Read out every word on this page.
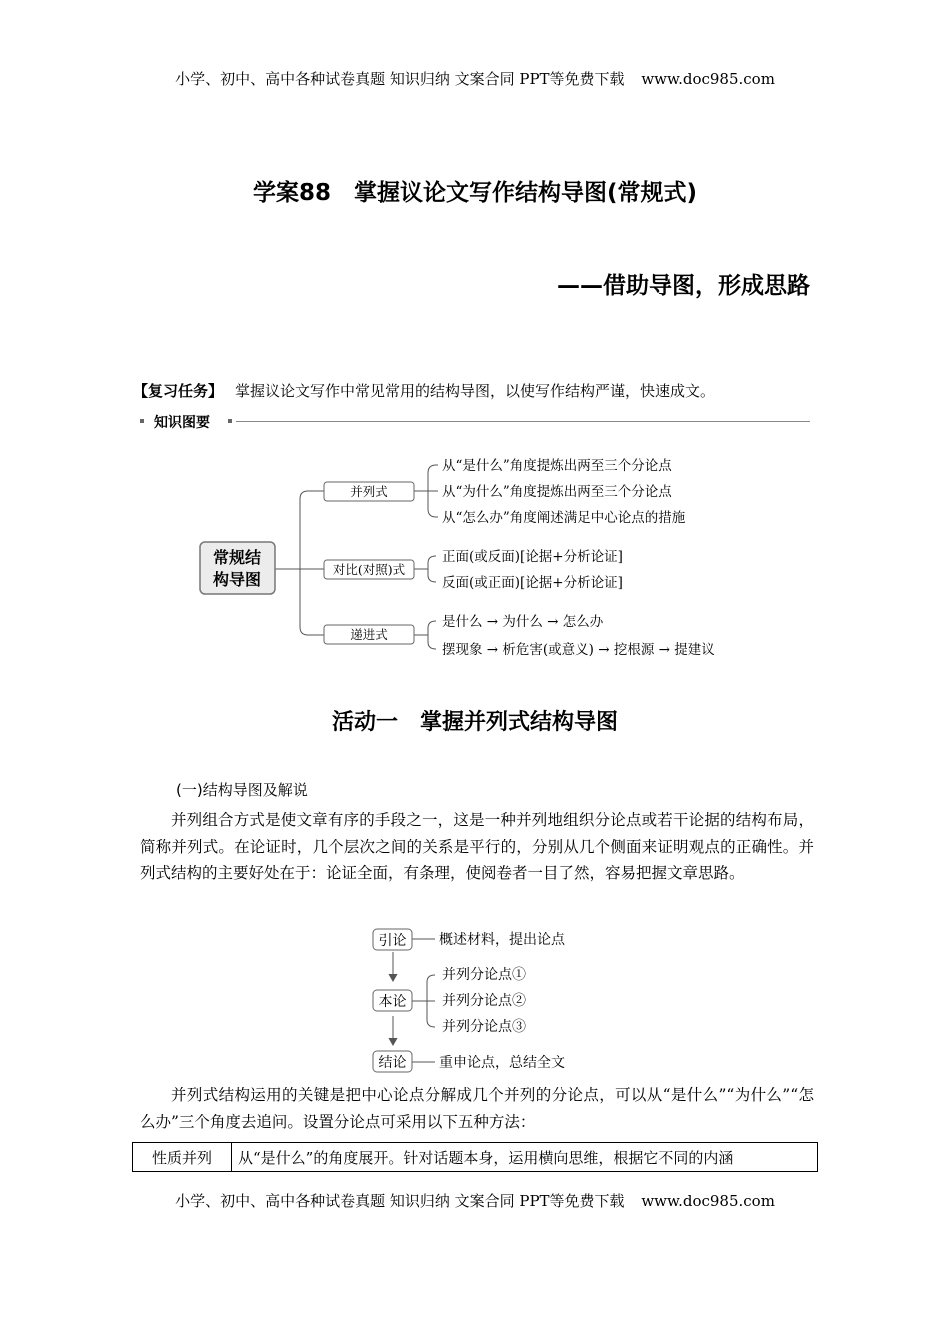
小学、初中、高中各种试卷真题 知识归纳 文案合同 PPT等免费下载 www.doc985.com
学案88　掌握议论文写作结构导图(常规式)
——借助导图，形成思路
【复习任务】 掌握议论文写作中常见常用的结构导图，以使写作结构严谨，快速成文。
知识图要
常规结
构导图
并列式
对比(对照)式
递进式
从“是什么”角度提炼出两至三个分论点
从“为什么”角度提炼出两至三个分论点
从“怎么办”角度阐述满足中心论点的措施
正面(或反面)[论据+分析论证]
反面(或正面)[论据+分析论证]
是什么 → 为什么 → 怎么办
摆现象 → 析危害(或意义) → 挖根源 → 提建议
活动一　掌握并列式结构导图
(一)结构导图及解说
并列组合方式是使文章有序的手段之一，这是一种并列地组织分论点或若干论据的结构布局，简称并列式。在论证时，几个层次之间的关系是平行的，分别从几个侧面来证明观点的正确性。并列式结构的主要好处在于：论证全面，有条理，使阅卷者一目了然，容易把握文章思路。
引论 概述材料，提出论点
本论
并列分论点①
并列分论点②
并列分论点③
结论 重申论点，总结全文
并列式结构运用的关键是把中心论点分解成几个并列的分论点，可以从“是什么”“为什么”“怎么办”三个角度去追问。设置分论点可采用以下五种方法：
性质并列	从“是什么”的角度展开。针对话题本身，运用横向思维，根据它不同的内涵
小学、初中、高中各种试卷真题 知识归纳 文案合同 PPT等免费下载 www.doc985.com
